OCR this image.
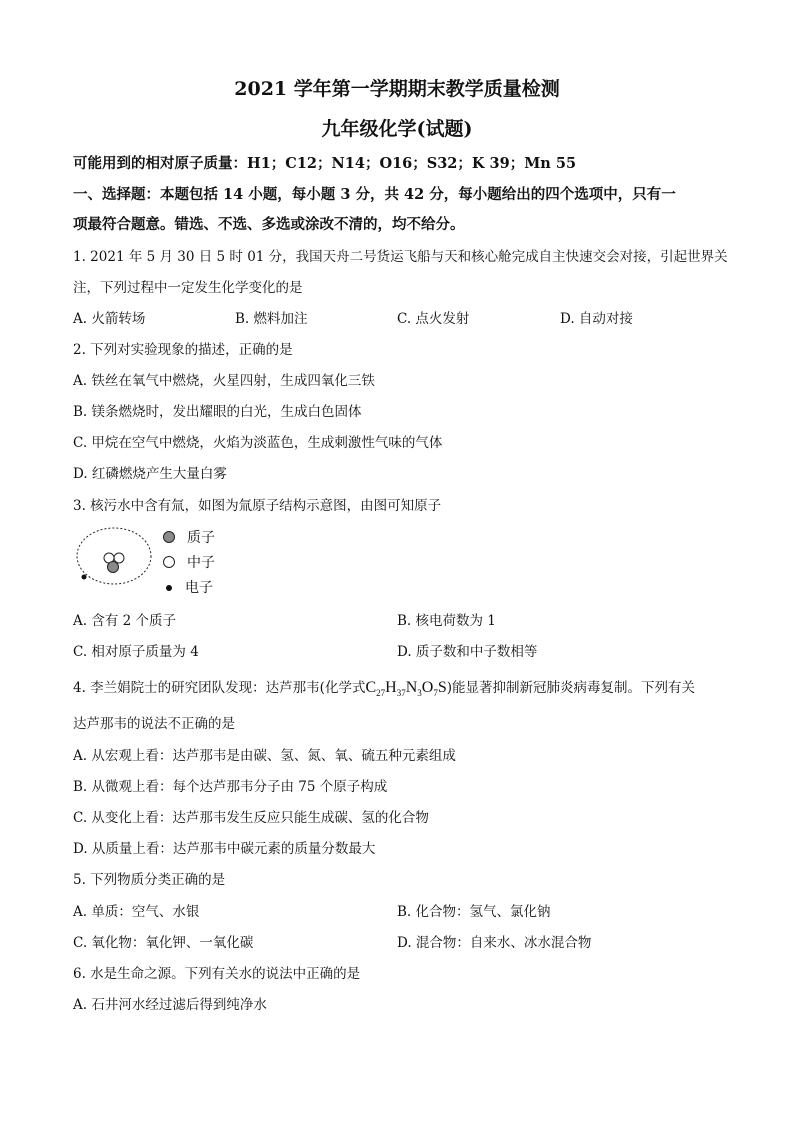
2021 学年第一学期期末教学质量检测
九年级化学(试题)
可能用到的相对原子质量：H1；C12；N14；O16；S32；K 39；Mn 55
一、选择题：本题包括 14 小题，每小题 3 分，共 42 分，每小题给出的四个选项中，只有一
项最符合题意。错选、不选、多选或涂改不清的，均不给分。
1. 2021 年 5 月 30 日 5 时 01 分，我国天舟二号货运飞船与天和核心舱完成自主快速交会对接，引起世界关
注，下列过程中一定发生化学变化的是
A. 火箭转场	B. 燃料加注	C. 点火发射	D. 自动对接
2. 下列对实验现象的描述，正确的是
A. 铁丝在氧气中燃烧，火星四射，生成四氧化三铁
B. 镁条燃烧时，发出耀眼的白光，生成白色固体
C. 甲烷在空气中燃烧，火焰为淡蓝色，生成刺激性气味的气体
D. 红磷燃烧产生大量白雾
3. 核污水中含有氚，如图为氚原子结构示意图，由图可知原子
质子
中子
电子
A. 含有 2 个质子	B. 核电荷数为 1
C. 相对原子质量为 4	D. 质子数和中子数相等
4. 李兰娟院士的研究团队发现：达芦那韦(化学式$C_{27}H_{37}N_3O_7S$)能显著抑制新冠肺炎病毒复制。下列有关
达芦那韦的说法不正确的是
A. 从宏观上看：达芦那韦是由碳、氢、氮、氧、硫五种元素组成
B. 从微观上看：每个达芦那韦分子由 75 个原子构成
C. 从变化上看：达芦那韦发生反应只能生成碳、氢的化合物
D. 从质量上看：达芦那韦中碳元素的质量分数最大
5. 下列物质分类正确的是
A. 单质：空气、水银	B. 化合物：氢气、氯化钠
C. 氧化物：氧化钾、一氧化碳	D. 混合物：自来水、冰水混合物
6. 水是生命之源。下列有关水的说法中正确的是
A. 石井河水经过滤后得到纯净水
